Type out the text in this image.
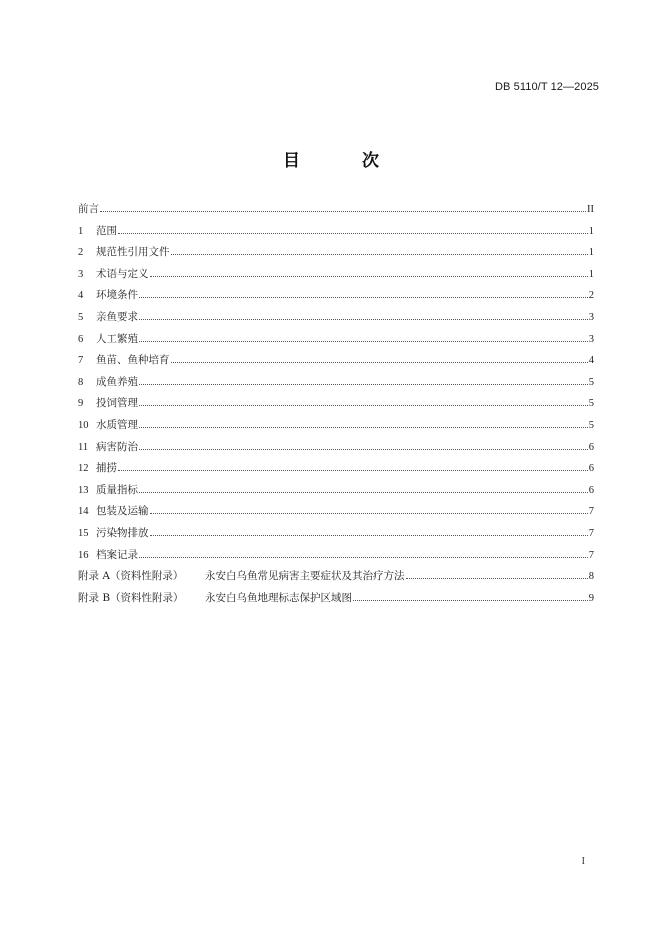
DB 5110/T 12—2025
目 次
前言	II
1	范围	1
2	规范性引用文件	1
3	术语与定义	1
4	环境条件	2
5	亲鱼要求	3
6	人工繁殖	3
7	鱼苗、鱼种培育	4
8	成鱼养殖	5
9	投饲管理	5
10 水质管理	5
11 病害防治	6
12 捕捞	6
13 质量指标	6
14 包装及运输	7
15 污染物排放	7
16 档案记录	7
附录 A（资料性附录）	永安白乌鱼常见病害主要症状及其治疗方法	8
附录 B（资料性附录）	永安白乌鱼地理标志保护区域图	9
I
